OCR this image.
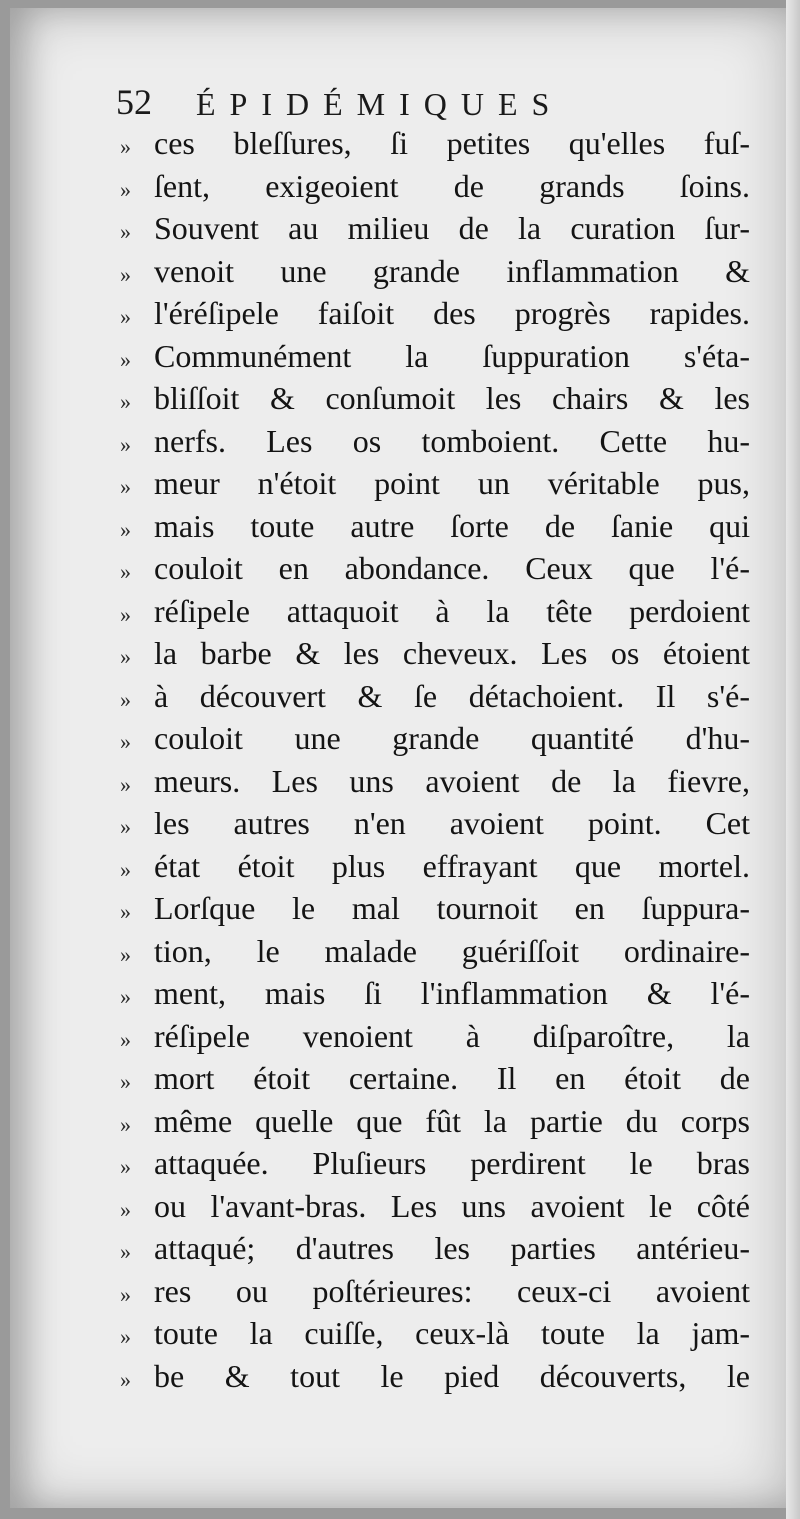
52 ÉPIDÉMIQUES
» ces bleſſures, ſi petites qu'elles fuſ-
» ſent, exigeoient de grands ſoins.
» Souvent au milieu de la curation ſur-
» venoit une grande inflammation &
» l'éréſipele faiſoit des progrès rapides.
» Communément la ſuppuration s'éta-
» bliſſoit & conſumoit les chairs & les
» nerfs. Les os tomboient. Cette hu-
» meur n'étoit point un véritable pus,
» mais toute autre ſorte de ſanie qui
» couloit en abondance. Ceux que l'é-
» réſipele attaquoit à la tête perdoient
» la barbe & les cheveux. Les os étoient
» à découvert & ſe détachoient. Il s'é-
» couloit une grande quantité d'hu-
» meurs. Les uns avoient de la fievre,
» les autres n'en avoient point. Cet
» état étoit plus effrayant que mortel.
» Lorſque le mal tournoit en ſuppura-
» tion, le malade guériſſoit ordinaire-
» ment, mais ſi l'inflammation & l'é-
» réſipele venoient à diſparoître, la
» mort étoit certaine. Il en étoit de
» même quelle que fût la partie du corps
» attaquée. Pluſieurs perdirent le bras
» ou l'avant-bras. Les uns avoient le côté
» attaqué; d'autres les parties antérieu-
» res ou poſtérieures: ceux-ci avoient
» toute la cuiſſe, ceux-là toute la jam-
» be & tout le pied découverts, le
